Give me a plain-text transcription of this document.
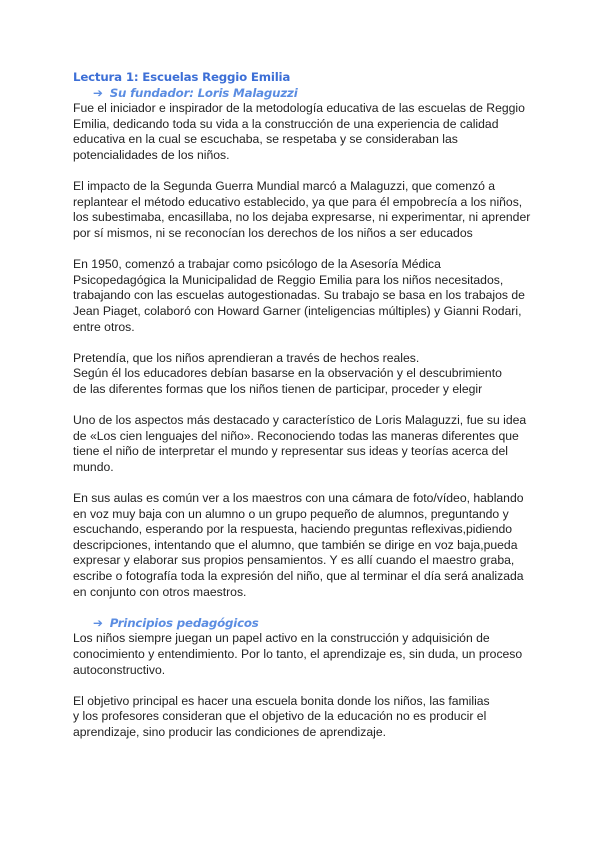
Lectura 1: Escuelas Reggio Emilia
➔ Su fundador: Loris Malaguzzi

Fue el iniciador e inspirador de la metodología educativa de las escuelas de Reggio
Emilia, dedicando toda su vida a la construcción de una experiencia de calidad
educativa en la cual se escuchaba, se respetaba y se consideraban las
potencialidades de los niños.

El impacto de la Segunda Guerra Mundial marcó a Malaguzzi, que comenzó a
replantear el método educativo establecido, ya que para él empobrecía a los niños,
los subestimaba, encasillaba, no los dejaba expresarse, ni experimentar, ni aprender
por sí mismos, ni se reconocían los derechos de los niños a ser educados

En 1950, comenzó a trabajar como psicólogo de la Asesoría Médica
Psicopedagógica la Municipalidad de Reggio Emilia para los niños necesitados,
trabajando con las escuelas autogestionadas. Su trabajo se basa en los trabajos de
Jean Piaget, colaboró con Howard Garner (inteligencias múltiples) y Gianni Rodari,
entre otros.

Pretendía, que los niños aprendieran a través de hechos reales.
Según él los educadores debían basarse en la observación y el descubrimiento
de las diferentes formas que los niños tienen de participar, proceder y elegir

Uno de los aspectos más destacado y característico de Loris Malaguzzi, fue su idea
de «Los cien lenguajes del niño». Reconociendo todas las maneras diferentes que
tiene el niño de interpretar el mundo y representar sus ideas y teorías acerca del
mundo.

En sus aulas es común ver a los maestros con una cámara de foto/vídeo, hablando
en voz muy baja con un alumno o un grupo pequeño de alumnos, preguntando y
escuchando, esperando por la respuesta, haciendo preguntas reflexivas,pidiendo
descripciones, intentando que el alumno, que también se dirige en voz baja,pueda
expresar y elaborar sus propios pensamientos. Y es allí cuando el maestro graba,
escribe o fotografía toda la expresión del niño, que al terminar el día será analizada
en conjunto con otros maestros.

➔ Principios pedagógicos

Los niños siempre juegan un papel activo en la construcción y adquisición de
conocimiento y entendimiento. Por lo tanto, el aprendizaje es, sin duda, un proceso
autoconstructivo.

El objetivo principal es hacer una escuela bonita donde los niños, las familias
y los profesores consideran que el objetivo de la educación no es producir el
aprendizaje, sino producir las condiciones de aprendizaje.
